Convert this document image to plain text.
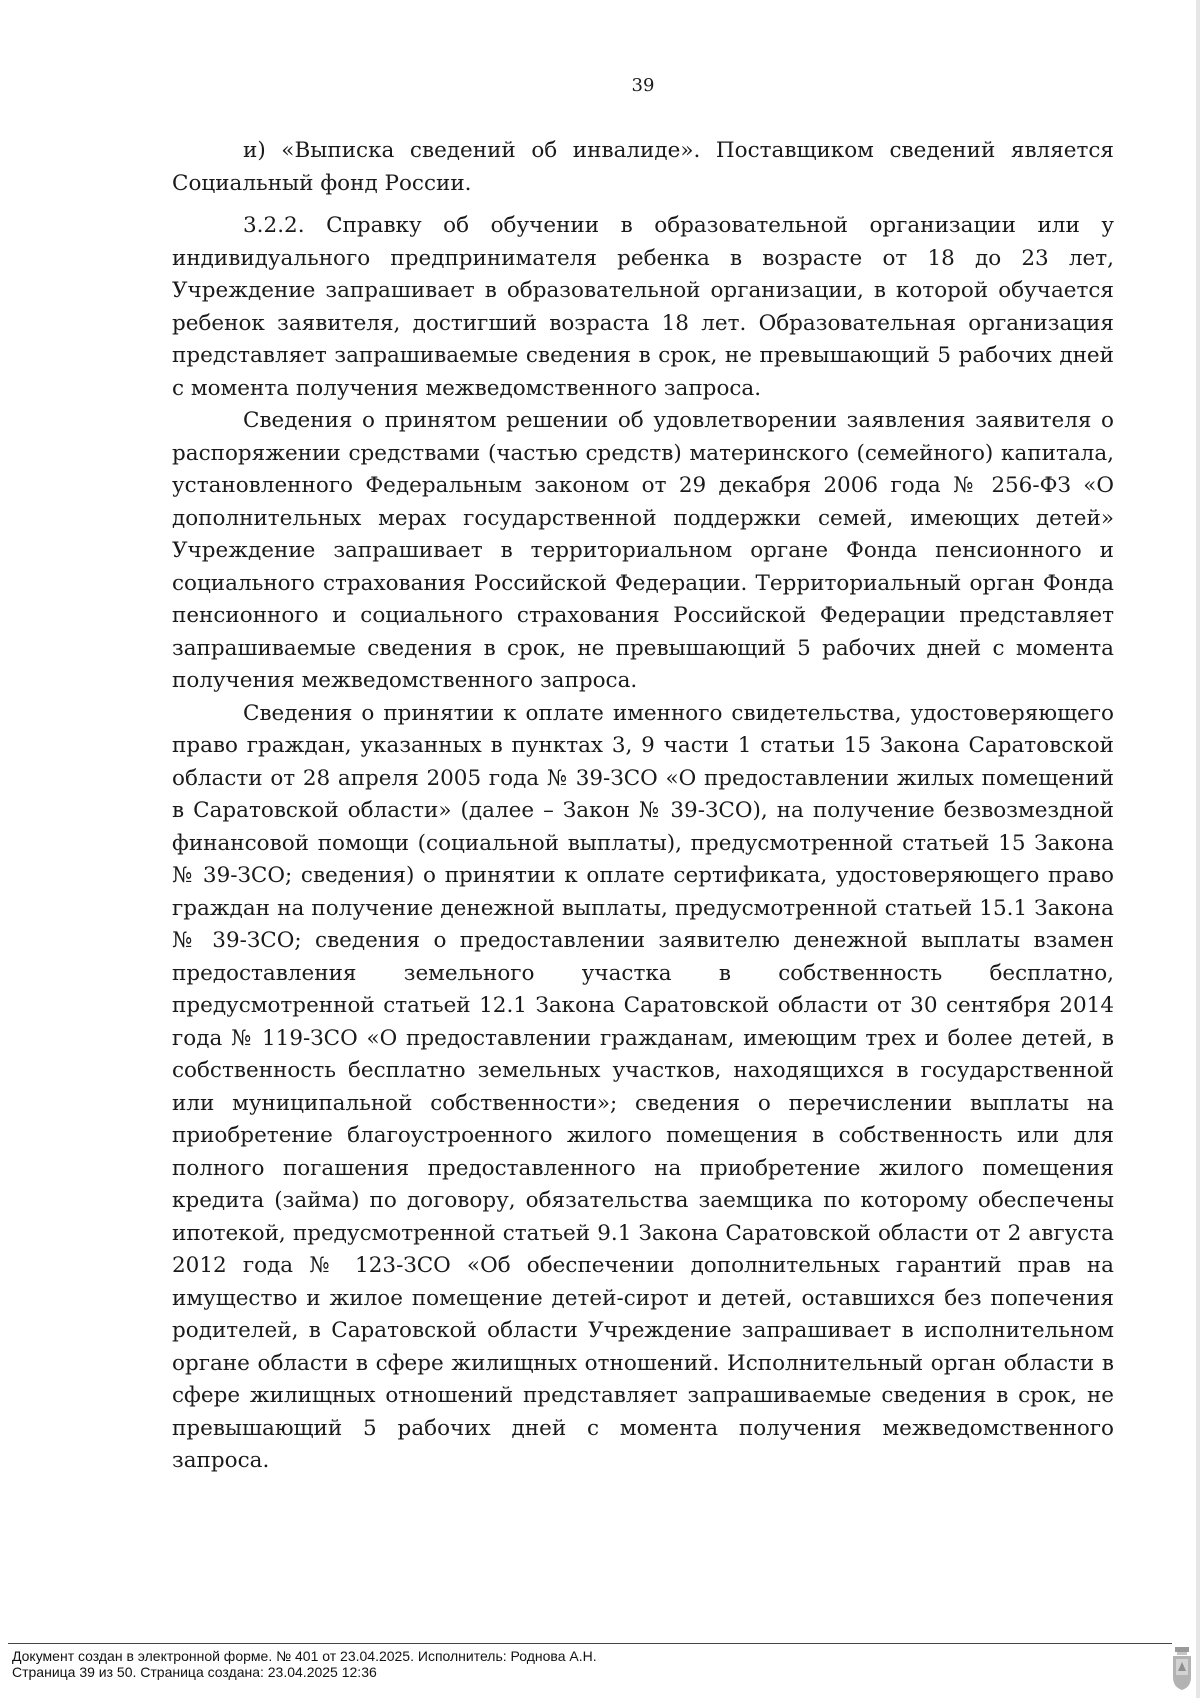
39

и) «Выписка сведений об инвалиде». Поставщиком сведений является Социальный фонд России.

3.2.2. Справку об обучении в образовательной организации или у индивидуального предпринимателя ребенка в возрасте от 18 до 23 лет, Учреждение запрашивает в образовательной организации, в которой обучается ребенок заявителя, достигший возраста 18 лет. Образовательная организация представляет запрашиваемые сведения в срок, не превышающий 5 рабочих дней с момента получения межведомственного запроса.

Сведения о принятом решении об удовлетворении заявления заявителя о распоряжении средствами (частью средств) материнского (семейного) капитала, установленного Федеральным законом от 29 декабря 2006 года № 256-ФЗ «О дополнительных мерах государственной поддержки семей, имеющих детей» Учреждение запрашивает в территориальном органе Фонда пенсионного и социального страхования Российской Федерации. Территориальный орган Фонда пенсионного и социального страхования Российской Федерации представляет запрашиваемые сведения в срок, не превышающий 5 рабочих дней с момента получения межведомственного запроса.

Сведения о принятии к оплате именного свидетельства, удостоверяющего право граждан, указанных в пунктах 3, 9 части 1 статьи 15 Закона Саратовской области от 28 апреля 2005 года № 39-ЗСО «О предоставлении жилых помещений в Саратовской области» (далее – Закон № 39-ЗСО), на получение безвозмездной финансовой помощи (социальной выплаты), предусмотренной статьей 15 Закона № 39-ЗСО; сведения) о принятии к оплате сертификата, удостоверяющего право граждан на получение денежной выплаты, предусмотренной статьей 15.1 Закона № 39-ЗСО; сведения о предоставлении заявителю денежной выплаты взамен предоставления земельного участка в собственность бесплатно, предусмотренной статьей 12.1 Закона Саратовской области от 30 сентября 2014 года № 119-ЗСО «О предоставлении гражданам, имеющим трех и более детей, в собственность бесплатно земельных участков, находящихся в государственной или муниципальной собственности»; сведения о перечислении выплаты на приобретение благоустроенного жилого помещения в собственность или для полного погашения предоставленного на приобретение жилого помещения кредита (займа) по договору, обязательства заемщика по которому обеспечены ипотекой, предусмотренной статьей 9.1 Закона Саратовской области от 2 августа 2012 года № 123-ЗСО «Об обеспечении дополнительных гарантий прав на имущество и жилое помещение детей-сирот и детей, оставшихся без попечения родителей, в Саратовской области Учреждение запрашивает в исполнительном органе области в сфере жилищных отношений. Исполнительный орган области в сфере жилищных отношений представляет запрашиваемые сведения в срок, не превышающий 5 рабочих дней с момента получения межведомственного запроса.

Документ создан в электронной форме. № 401 от 23.04.2025. Исполнитель: Роднова А.Н.
Страница 39 из 50. Страница создана: 23.04.2025 12:36
